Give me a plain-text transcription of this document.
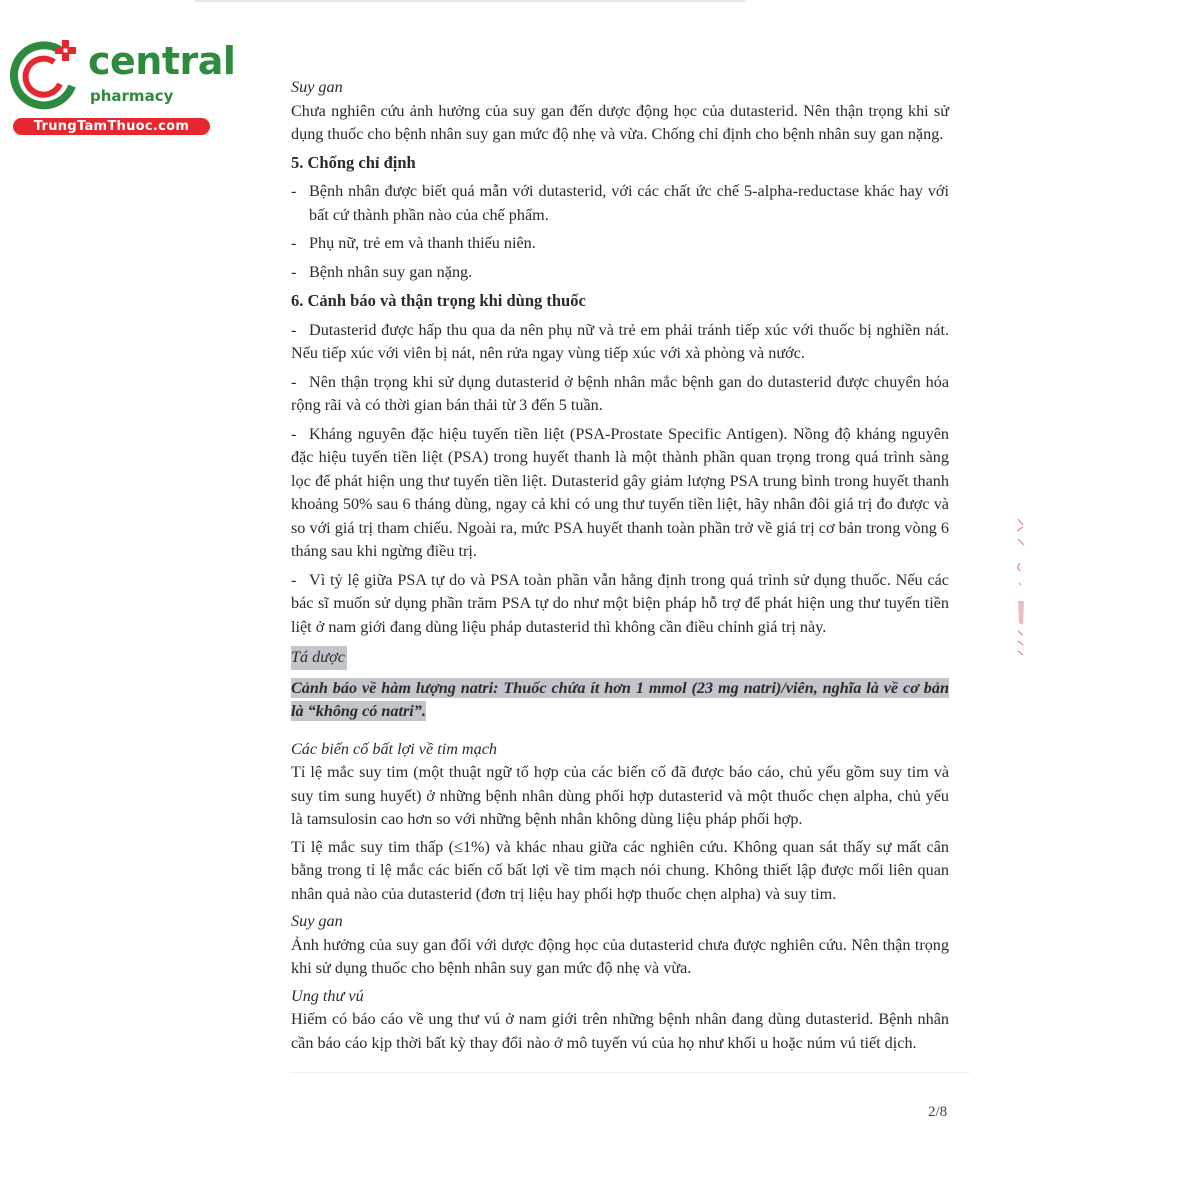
central
pharmacy
TrungTamThuoc.com

Suy gan

Chưa nghiên cứu ảnh hưởng của suy gan đến dược động học của dutasterid. Nên thận trọng khi sử dụng thuốc cho bệnh nhân suy gan mức độ nhẹ và vừa. Chống chỉ định cho bệnh nhân suy gan nặng.

5. Chống chỉ định

- Bệnh nhân được biết quá mẫn với dutasterid, với các chất ức chế 5-alpha-reductase khác hay với bất cứ thành phần nào của chế phẩm.
- Phụ nữ, trẻ em và thanh thiếu niên.
- Bệnh nhân suy gan nặng.

6. Cảnh báo và thận trọng khi dùng thuốc

- Dutasterid được hấp thu qua da nên phụ nữ và trẻ em phải tránh tiếp xúc với thuốc bị nghiền nát. Nếu tiếp xúc với viên bị nát, nên rửa ngay vùng tiếp xúc với xà phòng và nước.

- Nên thận trọng khi sử dụng dutasterid ở bệnh nhân mắc bệnh gan do dutasterid được chuyển hóa rộng rãi và có thời gian bán thải từ 3 đến 5 tuần.

- Kháng nguyên đặc hiệu tuyến tiền liệt (PSA-Prostate Specific Antigen). Nồng độ kháng nguyên đặc hiệu tuyến tiền liệt (PSA) trong huyết thanh là một thành phần quan trọng trong quá trình sàng lọc để phát hiện ung thư tuyến tiền liệt. Dutasterid gây giảm lượng PSA trung bình trong huyết thanh khoảng 50% sau 6 tháng dùng, ngay cả khi có ung thư tuyến tiền liệt, hãy nhân đôi giá trị đo được và so với giá trị tham chiếu. Ngoài ra, mức PSA huyết thanh toàn phần trở về giá trị cơ bản trong vòng 6 tháng sau khi ngừng điều trị.

- Vì tỷ lệ giữa PSA tự do và PSA toàn phần vẫn hằng định trong quá trình sử dụng thuốc. Nếu các bác sĩ muốn sử dụng phần trăm PSA tự do như một biện pháp hỗ trợ để phát hiện ung thư tuyến tiền liệt ở nam giới đang dùng liệu pháp dutasterid thì không cần điều chỉnh giá trị này.

Tá dược

Cảnh báo về hàm lượng natri: Thuốc chứa ít hơn 1 mmol (23 mg natri)/viên, nghĩa là về cơ bản là “không có natri”.

Các biến cố bất lợi về tim mạch

Tỉ lệ mắc suy tim (một thuật ngữ tổ hợp của các biến cố đã được báo cáo, chủ yếu gồm suy tim và suy tim sung huyết) ở những bệnh nhân dùng phối hợp dutasterid và một thuốc chẹn alpha, chủ yếu là tamsulosin cao hơn so với những bệnh nhân không dùng liệu pháp phối hợp.

Tỉ lệ mắc suy tim thấp (≤1%) và khác nhau giữa các nghiên cứu. Không quan sát thấy sự mất cân bằng trong tỉ lệ mắc các biến cố bất lợi về tim mạch nói chung. Không thiết lập được mối liên quan nhân quả nào của dutasterid (đơn trị liệu hay phối hợp thuốc chẹn alpha) và suy tim.

Suy gan

Ảnh hưởng của suy gan đối với dược động học của dutasterid chưa được nghiên cứu. Nên thận trọng khi sử dụng thuốc cho bệnh nhân suy gan mức độ nhẹ và vừa.

Ung thư vú

Hiếm có báo cáo về ung thư vú ở nam giới trên những bệnh nhân đang dùng dutasterid. Bệnh nhân cần báo cáo kịp thời bất kỳ thay đổi nào ở mô tuyến vú của họ như khối u hoặc núm vú tiết dịch.

2/8
